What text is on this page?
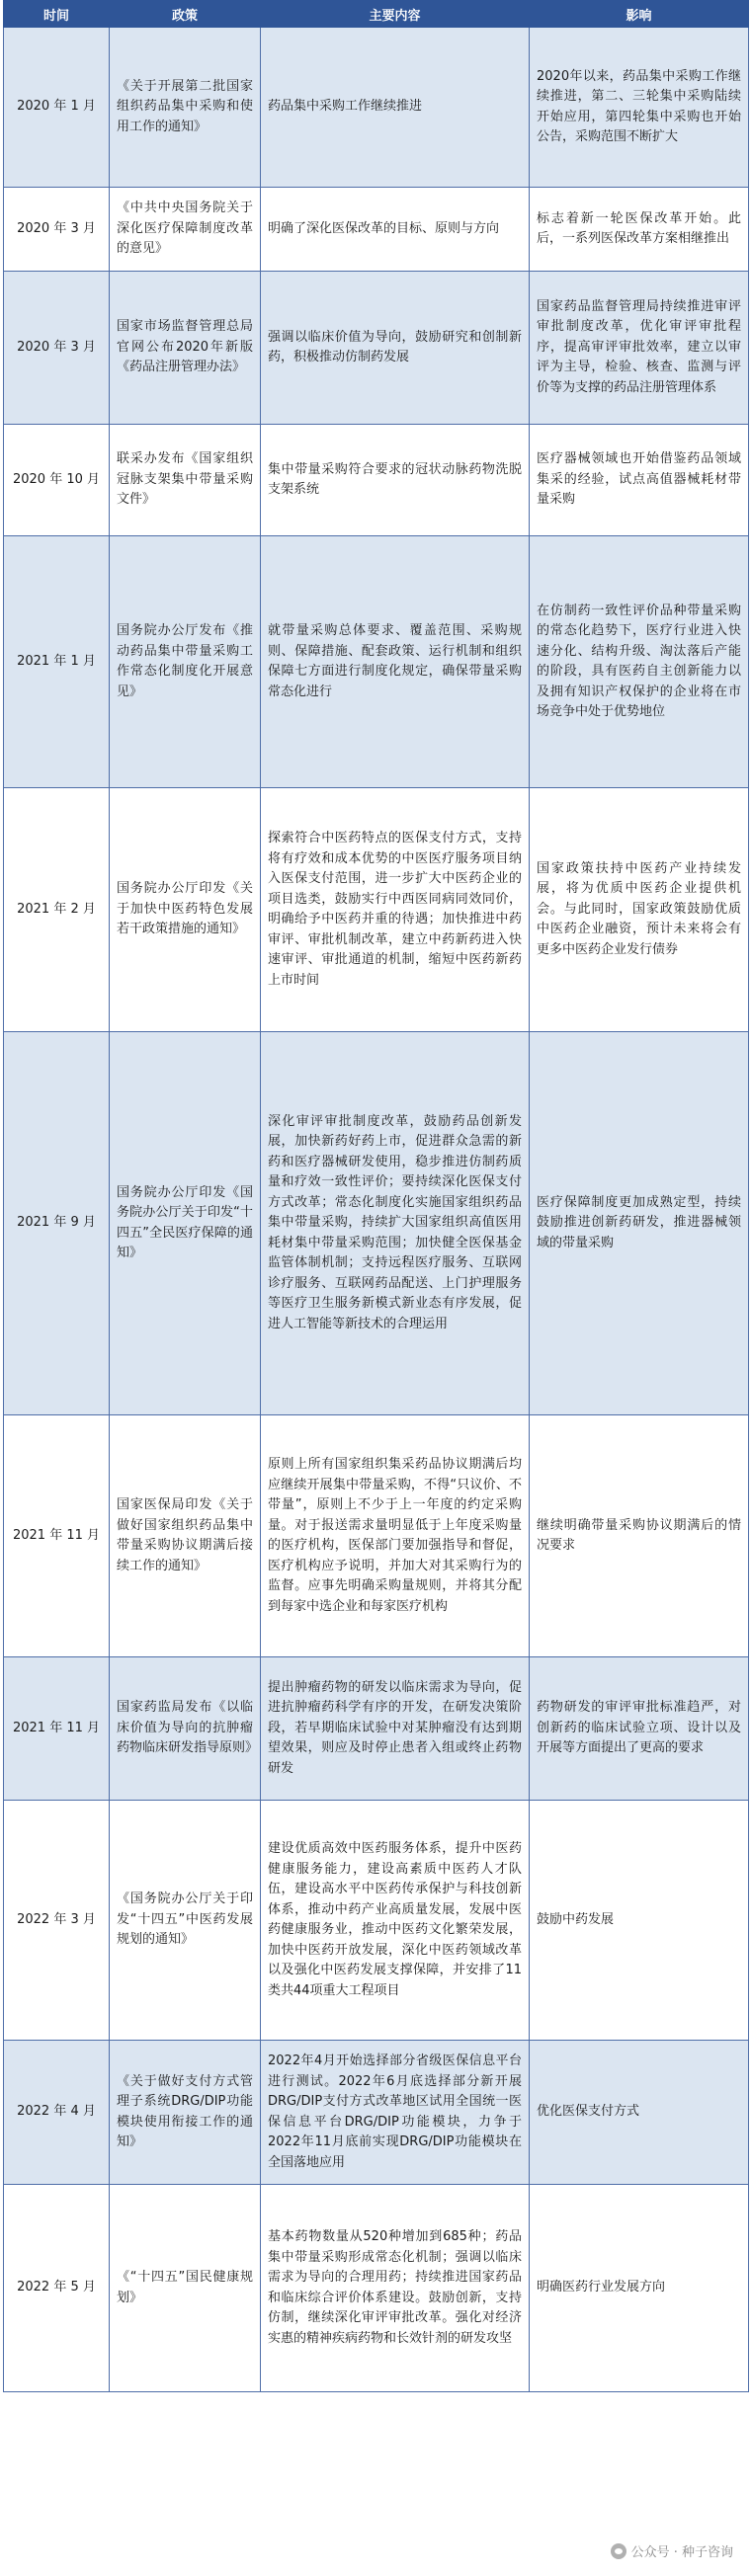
时间	政策	主要内容	影响
2020 年 1 月	《关于开展第二批国家组织药品集中采购和使用工作的通知》	药品集中采购工作继续推进	2020年以来，药品集中采购工作继续推进，第二、三轮集中采购陆续开始应用，第四轮集中采购也开始公告，采购范围不断扩大
2020 年 3 月	《中共中央国务院关于深化医疗保障制度改革的意见》	明确了深化医保改革的目标、原则与方向	标志着新一轮医保改革开始。此后，一系列医保改革方案相继推出
2020 年 3 月	国家市场监督管理总局官网公布2020年新版《药品注册管理办法》	强调以临床价值为导向，鼓励研究和创制新药，积极推动仿制药发展	国家药品监督管理局持续推进审评审批制度改革，优化审评审批程序，提高审评审批效率，建立以审评为主导，检验、核查、监测与评价等为支撑的药品注册管理体系
2020 年 10 月	联采办发布《国家组织冠脉支架集中带量采购文件》	集中带量采购符合要求的冠状动脉药物洗脱支架系统	医疗器械领域也开始借鉴药品领域集采的经验，试点高值器械耗材带量采购
2021 年 1 月	国务院办公厅发布《推动药品集中带量采购工作常态化制度化开展意见》	就带量采购总体要求、覆盖范围、采购规则、保障措施、配套政策、运行机制和组织保障七方面进行制度化规定，确保带量采购常态化进行	在仿制药一致性评价品种带量采购的常态化趋势下，医疗行业进入快速分化、结构升级、淘汰落后产能的阶段，具有医药自主创新能力以及拥有知识产权保护的企业将在市场竞争中处于优势地位
2021 年 2 月	国务院办公厅印发《关于加快中医药特色发展若干政策措施的通知》	探索符合中医药特点的医保支付方式，支持将有疗效和成本优势的中医医疗服务项目纳入医保支付范围，进一步扩大中医药企业的项目选类，鼓励实行中西医同病同效同价，明确给予中医药并重的待遇；加快推进中药审评、审批机制改革，建立中药新药进入快速审评、审批通道的机制，缩短中医药新药上市时间	国家政策扶持中医药产业持续发展，将为优质中医药企业提供机会。与此同时，国家政策鼓励优质中医药企业融资，预计未来将会有更多中医药企业发行债券
2021 年 9 月	国务院办公厅印发《国务院办公厅关于印发“十四五”全民医疗保障的通知》	深化审评审批制度改革，鼓励药品创新发展，加快新药好药上市，促进群众急需的新药和医疗器械研发使用，稳步推进仿制药质量和疗效一致性评价；要持续深化医保支付方式改革；常态化制度化实施国家组织药品集中带量采购，持续扩大国家组织高值医用耗材集中带量采购范围；加快健全医保基金监管体制机制；支持远程医疗服务、互联网诊疗服务、互联网药品配送、上门护理服务等医疗卫生服务新模式新业态有序发展，促进人工智能等新技术的合理运用	医疗保障制度更加成熟定型，持续鼓励推进创新药研发，推进器械领域的带量采购
2021 年 11 月	国家医保局印发《关于做好国家组织药品集中带量采购协议期满后接续工作的通知》	原则上所有国家组织集采药品协议期满后均应继续开展集中带量采购，不得“只议价、不带量”，原则上不少于上一年度的约定采购量。对于报送需求量明显低于上年度采购量的医疗机构，医保部门要加强指导和督促，医疗机构应予说明，并加大对其采购行为的监督。应事先明确采购量规则，并将其分配到每家中选企业和每家医疗机构	继续明确带量采购协议期满后的情况要求
2021 年 11 月	国家药监局发布《以临床价值为导向的抗肿瘤药物临床研发指导原则》	提出肿瘤药物的研发以临床需求为导向，促进抗肿瘤药科学有序的开发，在研发决策阶段，若早期临床试验中对某肿瘤没有达到期望效果，则应及时停止患者入组或终止药物研发	药物研发的审评审批标准趋严，对创新药的临床试验立项、设计以及开展等方面提出了更高的要求
2022 年 3 月	《国务院办公厅关于印发“十四五”中医药发展规划的通知》	建设优质高效中医药服务体系，提升中医药健康服务能力，建设高素质中医药人才队伍，建设高水平中医药传承保护与科技创新体系，推动中药产业高质量发展，发展中医药健康服务业，推动中医药文化繁荣发展，加快中医药开放发展，深化中医药领域改革以及强化中医药发展支撑保障，并安排了11类共44项重大工程项目	鼓励中药发展
2022 年 4 月	《关于做好支付方式管理子系统DRG/DIP功能模块使用衔接工作的通知》	2022年4月开始选择部分省级医保信息平台进行测试。2022年6月底选择部分新开展DRG/DIP支付方式改革地区试用全国统一医保信息平台DRG/DIP功能模块，力争于2022年11月底前实现DRG/DIP功能模块在全国落地应用	优化医保支付方式
2022 年 5 月	《“十四五”国民健康规划》	基本药物数量从520种增加到685种；药品集中带量采购形成常态化机制；强调以临床需求为导向的合理用药；持续推进国家药品和临床综合评价体系建设。鼓励创新，支持仿制，继续深化审评审批改革。强化对经济实惠的精神疾病药物和长效针剂的研发攻坚	明确医药行业发展方向
公众号 · 种子咨询
